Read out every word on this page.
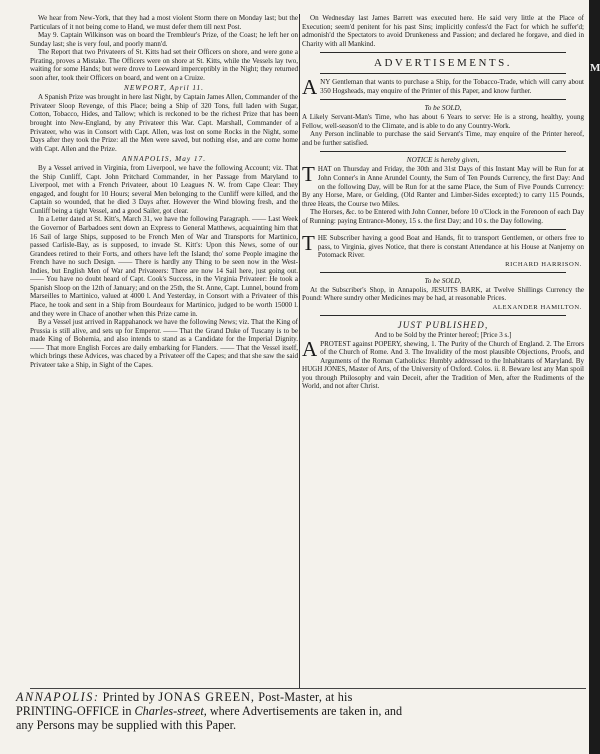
We hear from New-York, that they had a most violent Storm there on Monday last; but the Particulars of it not being come to Hand, we must defer them till next Post.

May 9. Captain Wilkinson was on board the Trembleur's Prize, of the Coast; he left her on Sunday last; she is very foul, and poorly mann'd.

The Report that two Privateers of St. Kitts had set their Officers on shore, and were gone a Pirating, proves a Mistake. The Officers were on shore at St. Kitts, while the Vessels lay two, waiting for some Hands; but were drove to Leeward imperceptibly in the Night; they returned soon after, took their Officers on board, and went on a Cruize.

NEWPORT, April 11.

A Spanish Prize was brought in here last Night, by Captain James Allen, Commander of the Privateer Sloop Revenge, of this Place; being a Ship of 320 Tons, full laden with Sugar, Cotton, Tobacco, Hides, and Tallow; which is reckoned to be the richest Prize that has been brought into New-England, by any Privateer this War. Capt. Marshall, Commander of a Privateer, who was in Consort with Capt. Allen, was lost on some Rocks in the Night, some Days after they took the Prize: all the Men were saved, but nothing else, and are come home with Capt. Allen and the Prize.

ANNAPOLIS, May 17.

By a Vessel arrived in Virginia, from Liverpool, we have the following Account; viz. That the Ship Cunliff, Capt. John Pritchard Commander, in her Passage from Maryland to Liverpool, met with a French Privateer, about 10 Leagues N. W. from Cape Clear: They engaged, and fought for 10 Hours; several Men belonging to the Cunliff were killed, and the Captain so wounded, that he died 3 Days after. However the Wind blowing fresh, and the Cunliff being a tight Vessel, and a good Sailer, got clear.

In a Letter dated at St. Kitt's, March 31, we have the following Paragraph. —— Last Week the Governor of Barbadoes sent down an Express to General Matthews, acquainting him that 16 Sail of large Ships, supposed to be French Men of War and Transports for Martinico, passed Carlisle-Bay, as is supposed, to invade St. Kitt's: Upon this News, some of our Grandees retired to their Forts, and others have left the Island; tho' some People imagine the French have no such Design. —— There is hardly any Thing to be seen now in the West-Indies, but English Men of War and Privateers: There are now 14 Sail here, just going out. —— You have no doubt heard of Capt. Cook's Success, in the Virginia Privateer: He took a Spanish Sloop on the 12th of January; and on the 25th, the St. Anne, Capt. Lunnel, bound from Marseilles to Martinico, valued at 4000 l. And Yesterday, in Consort with a Privateer of this Place, he took and sent in a Ship from Bourdeaux for Martinico, judged to be worth 15000 l. and they were in Chace of another when this Prize came in.

By a Vessel just arrived in Rappahanock we have the following News; viz. That the King of Prussia is still alive, and sets up for Emperor. —— That the Grand Duke of Tuscany is to be made King of Bohemia, and also intends to stand as a Candidate for the Imperial Dignity. —— That more English Forces are daily embarking for Flanders. —— That the Vessel itself, which brings these Advices, was chaced by a Privateer off the Capes; and that she saw the said Privateer take a Ship, in Sight of the Capes.

On Wednesday last James Barrett was executed here. He said very little at the Place of Execution; seem'd penitent for his past Sins; implicitly confess'd the Fact for which he suffer'd; admonish'd the Spectators to avoid Drunkeness and Passion; and declared he forgave, and died in Charity with all Mankind.

ADVERTISEMENTS.
A NY Gentleman that wants to purchase a Ship, for the Tobacco-Trade, which will carry about 350 Hogsheads, may enquire of the Printer of this Paper, and know further.

To be SOLD,

A Likely Servant-Man's Time, who has about 6 Years to serve: He is a strong, healthy, young Fellow, well-season'd to the Climate, and is able to do any Country-Work.

Any Person inclinable to purchase the said Servant's Time, may enquire of the Printer hereof, and be further satisfied.

NOTICE is hereby given,
T HAT on Thursday and Friday, the 30th and 31st Days of this Instant May will be Run for at John Conner's in Anne Arundel County, the Sum of Ten Pounds Currency, the first Day: And on the following Day, will be Run for at the same Place, the Sum of Five Pounds Currency: By any Horse, Mare, or Gelding, (Old Ranter and Limber-Sides excepted;) to carry 115 Pounds, three Heats, the Course two Miles.

The Horses, &c. to be Entered with John Conner, before 10 o'Clock in the Forenoon of each Day of Running: paying Entrance-Money, 15 s. the first Day; and 10 s. the Day following.

T HE Subscriber having a good Boat and Hands, fit to transport Gentlemen, or others free to pass, to Virginia, gives Notice, that there is constant Attendance at his House at Nanjemy on Potomack River.

RICHARD HARRISON.
To be SOLD,

At the Subscriber's Shop, in Annapolis, JESUITS BARK, at Twelve Shillings Currency the Pound: Where sundry other Medicines may be had, at reasonable Prices.

ALEXANDER HAMILTON.
JUST PUBLISHED,

And to be Sold by the Printer hereof; [Price 3 s.]

A PROTEST against POPERY, shewing, 1. The Purity of the Church of England. 2. The Errors of the Church of Rome. And 3. The Invalidity of the most plausible Objections, Proofs, and Arguments of the Roman Catholicks: Humbly addressed to the Inhabitants of Maryland. By HUGH JONES, Master of Arts, of the University of Oxford. Colos. ii. 8. Beware lest any Man spoil you through Philosophy and vain Deceit, after the Tradition of Men, after the Rudiments of the World, and not after Christ.

M
ANNAPOLIS: Printed by JONAS GREEN, Post-Master, at his
PRINTING-OFFICE in Charles-street, where Advertisements are taken in, and
any Persons may be supplied with this Paper.
